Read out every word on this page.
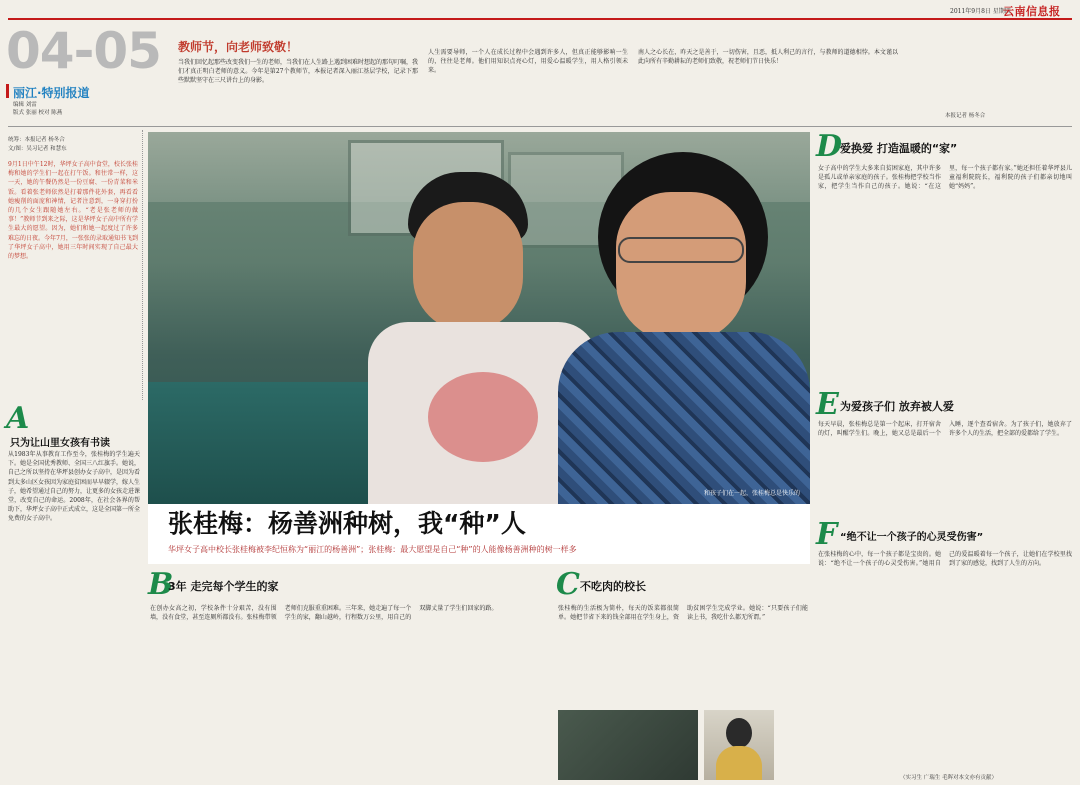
2011年9月8日 星期四
云南信息报
04-05
丽江·特别报道
编辑 刘雷
版式 张丽 校对 陈燕
教师节，向老师致敬！
当我们回忆起那些改变我们一生的老师，当我们在人生路上遇到困难时想起的那句叮嘱，我们才真正明白老师的意义。今年是第27个教师节，本报记者深入丽江基层学校，记录下那些默默坚守在三尺讲台上的身影。
人生需要导师，一个人在成长过程中会遇到许多人，但真正能够影响一生的，往往是老师。他们用知识点亮心灯，用爱心温暖学生，用人格引领未来。
南人之心长在，昨天之是善于，一切伤害，且恶，抵人利己的言行，与教师的道德相悖。本文谨以此向所有辛勤耕耘的老师们致敬，祝老师们节日快乐！
本报记者 杨冬合
统筹：本报记者 杨冬合
文/图：吴习记者 和慧东
9月1日中午12时，华坪女子高中食堂，校长张桂梅和她的学生们一起在打午饭。和往常一样，这一天，她的午餐仍然是一份豆腐、一份青菜和米饭。看着张老师依然是打着那件花外套，再看看她瘦削的面庞和神情，记者注意到，一身穿打扮的几个女生跟随她左右。“老是张老师的做事！”教师节到来之际，这是华坪女子高中所有学生最大的愿望。因为，她们和她一起度过了许多难忘的日夜。今年7月，一张张的录取通知书飞到了华坪女子高中，她用三年时间实现了自己最大的梦想。
和孩子们在一起，张桂梅总是快乐的
张桂梅：杨善洲种树，我“种”人
华坪女子高中校长张桂梅被李纪恒称为“丽江的杨善洲”；张桂梅：最大愿望是自己“种”的人能像杨善洲种的树一样多
A
只为让山里女孩有书读
从1983年从事教育工作至今，张桂梅的学生遍天下。她是全国优秀教师、全国三八红旗手。她说，自己之所以坚持在华坪县创办女子高中，是因为看到太多山区女孩因为家庭贫困而早早辍学，嫁人生子，她希望通过自己的努力，让更多的女孩走进课堂，改变自己的命运。2008年，在社会各界的帮助下，华坪女子高中正式成立，这是全国第一所全免费的女子高中。
B
3年 走完每个学生的家
在创办女高之初，学校条件十分艰苦，没有围墙，没有食堂，甚至连厕所都没有。张桂梅带领老师们克服重重困难。三年来，她走遍了每一个学生的家，翻山越岭，行程数万公里，用自己的双脚丈量了学生们回家的路。
C 不吃肉的校长
张桂梅的生活极为简朴，每天的饭菜都很简单。她把节省下来的钱全部用在学生身上，资助贫困学生完成学业。她说：“只要孩子们能读上书，我吃什么都无所谓。”
D
爱换爱 打造温暖的“家”
女子高中的学生大多来自贫困家庭，其中许多是孤儿或单亲家庭的孩子。张桂梅把学校当作家，把学生当作自己的孩子。她说：“在这里，每一个孩子都有家。”她还担任着华坪县儿童福利院院长，福利院的孩子们都亲切地叫她“妈妈”。
E 为爱孩子们 放弃被人爱
每天早晨，张桂梅总是第一个起床，打开宿舍的灯，叫醒学生们。晚上，她又总是最后一个入睡，逐个查看宿舍。为了孩子们，她放弃了许多个人的生活，把全部的爱都给了学生。
F “绝不让一个孩子的心灵受伤害”
在张桂梅的心中，每一个孩子都是宝贵的。她说：“绝不让一个孩子的心灵受伤害。”她用自己的爱温暖着每一个孩子，让她们在学校里找到了家的感觉，找到了人生的方向。
（实习生 广瑞生 毛晖对本文亦有贡献）
